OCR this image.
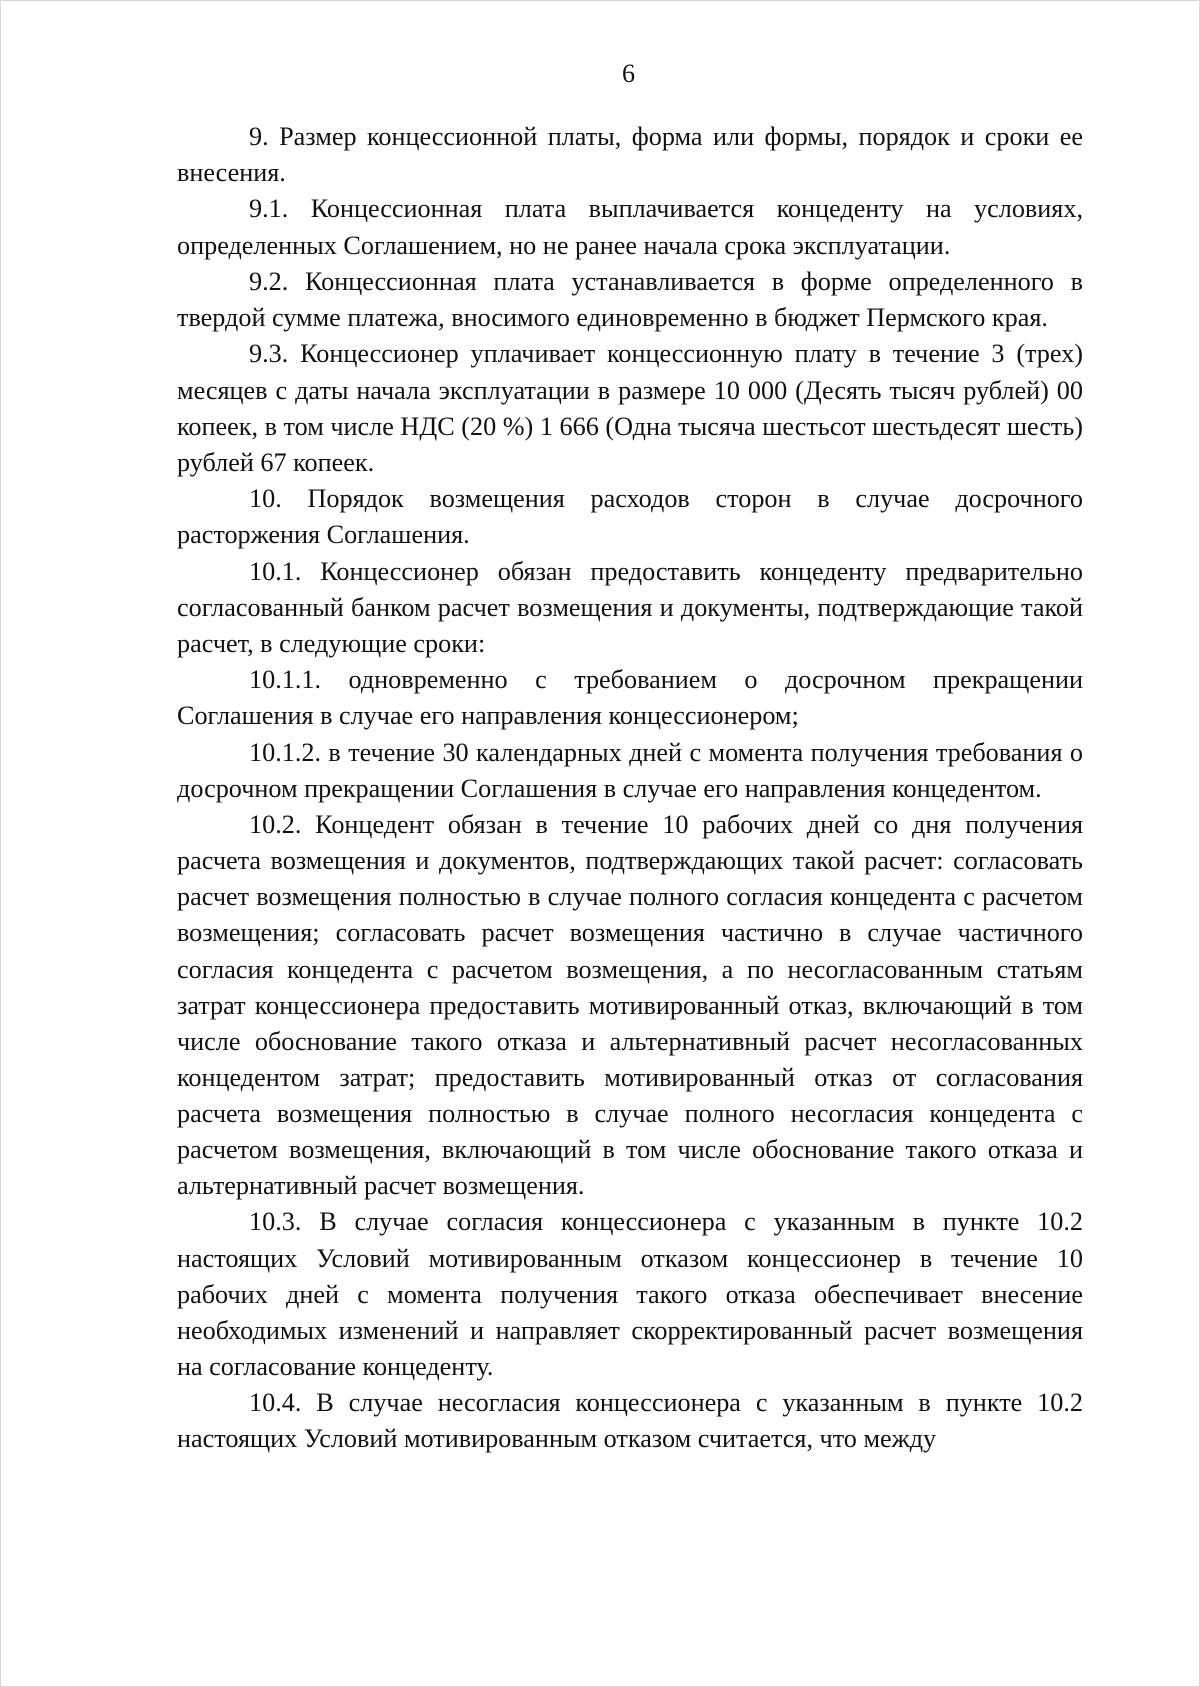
6

9. Размер концессионной платы, форма или формы, порядок и сроки ее внесения.

9.1. Концессионная плата выплачивается концеденту на условиях, определенных Соглашением, но не ранее начала срока эксплуатации.

9.2. Концессионная плата устанавливается в форме определенного в твердой сумме платежа, вносимого единовременно в бюджет Пермского края.

9.3. Концессионер уплачивает концессионную плату в течение 3 (трех) месяцев с даты начала эксплуатации в размере 10 000 (Десять тысяч рублей) 00 копеек, в том числе НДС (20 %) 1 666 (Одна тысяча шестьсот шестьдесят шесть) рублей 67 копеек.

10. Порядок возмещения расходов сторон в случае досрочного расторжения Соглашения.

10.1. Концессионер обязан предоставить концеденту предварительно согласованный банком расчет возмещения и документы, подтверждающие такой расчет, в следующие сроки:

10.1.1. одновременно с требованием о досрочном прекращении Соглашения в случае его направления концессионером;

10.1.2. в течение 30 календарных дней с момента получения требования о досрочном прекращении Соглашения в случае его направления концедентом.

10.2. Концедент обязан в течение 10 рабочих дней со дня получения расчета возмещения и документов, подтверждающих такой расчет: согласовать расчет возмещения полностью в случае полного согласия концедента с расчетом возмещения; согласовать расчет возмещения частично в случае частичного согласия концедента с расчетом возмещения, а по несогласованным статьям затрат концессионера предоставить мотивированный отказ, включающий в том числе обоснование такого отказа и альтернативный расчет несогласованных концедентом затрат; предоставить мотивированный отказ от согласования расчета возмещения полностью в случае полного несогласия концедента с расчетом возмещения, включающий в том числе обоснование такого отказа и альтернативный расчет возмещения.

10.3. В случае согласия концессионера с указанным в пункте 10.2 настоящих Условий мотивированным отказом концессионер в течение 10 рабочих дней с момента получения такого отказа обеспечивает внесение необходимых изменений и направляет скорректированный расчет возмещения на согласование концеденту.

10.4. В случае несогласия концессионера с указанным в пункте 10.2 настоящих Условий мотивированным отказом считается, что между
